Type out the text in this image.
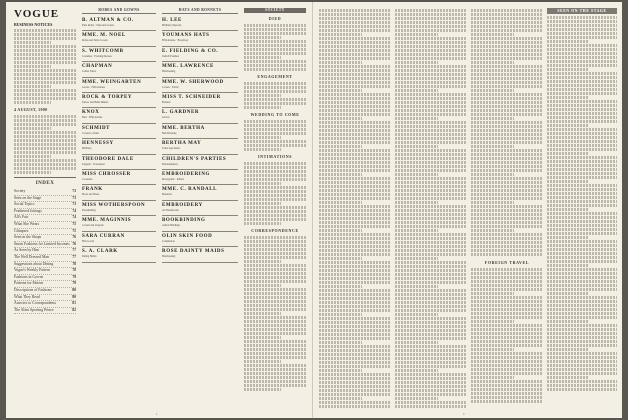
VOGUE
BUSINESS NOTICES
4 AUGUST, 1900
INDEX
Society	73
Seen on the Stage	73
Social Topics	73
Feathered Jottings	74
All's Fair	74
What She Wears	75
Glimpses	75
Seen in the Shops	76
Smart Fashions for Limited Incomes 76
As Seen by Him	77
The Well Dressed Man	77
Suggestions about Dining	78
Vogue's Weekly Pattern	78
Fashions in Gowns	79
Patterns for Pattern	79
Descriptions of Fashions	80
What They Read	80
Answers to Correspondents	81
The Alien Sporting Prince	82
ROBES AND GOWNS
B. ALTMAN & CO.
Paris Robes · Imported Gowns
MME. M. NOEL
Robes and Tailor Gowns
S. WHITCOMB
Costumes · Evening Dresses
CHAPMAN
Ladies' Tailor
MME. WEINGARTEN
Gowns · Fifth Avenue
ROCK & TORPEY
Tailors and Habit Makers
KNOX
Hats · Fifth Avenue
SCHMIDT
Corsets to Order
HENNESSY
Millinery
THEODORE DALE
Lingerie · Trousseaux
MISS CHROSSER
Corsetiere
FRANK
Boots and Shoes
MISS WOTHERSPOON
Dressmaking
MME. MAGINNIS
Corsets and Lingerie
SARA CURRAN
Hair Goods
S. A. CLARK
Riding Habits
HATS AND BONNETS
H. LEE
Millinery Importer
YOUMANS HATS
Fifth Avenue · Broadway
E. FIELDING & CO.
Ostrich Feathers
MME. LAWRENCE
Hairdressing
MME. W. SHERWOOD
Corsets · Forms
MISS T. SCHNEIDER
Bonnets
L. GARDNER
Gloves
MME. BERTHA
Hair Dressing
BERTHA MAY
Toilet Specialties
CHILDREN'S PARTIES
Entertainments
EMBROIDERING
Monograms · Initials
MME. C. RANDALL
Manicure
EMBROIDERY
Art Needlework
BOOKBINDING
Artistic Bindings
OLIN SKIN FOOD
Complexion
ROSE DAINTY MAIDS
Hairdressing
SOCIETY
DIED
ENGAGEMENT
WEDDING TO COME
INTIMATIONS
CORRESPONDENCE
a
FOREIGN TRAVEL
SEEN ON THE STAGE
b
